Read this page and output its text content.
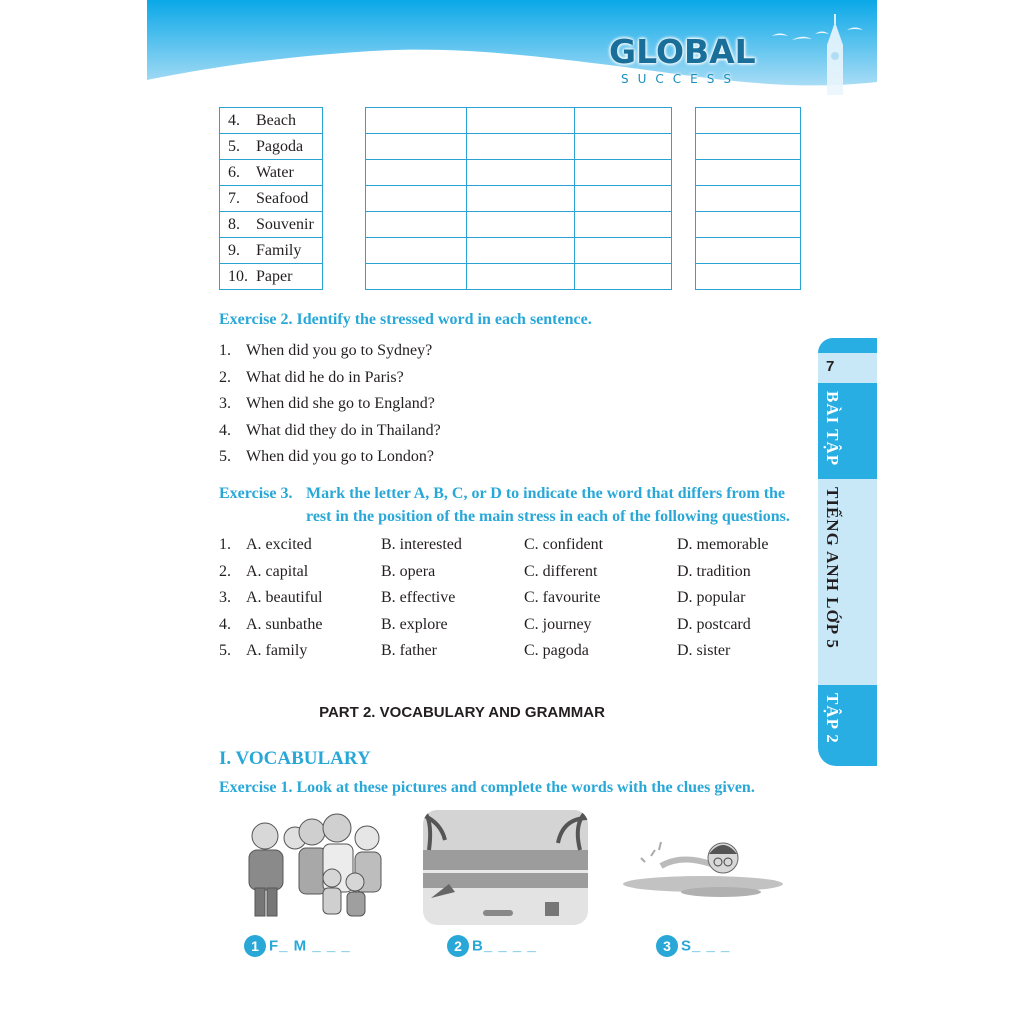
GLOBAL
SUCCESS
4. Beach
5. Pagoda
6. Water
7. Seafood
8. Souvenir
9. Family
10. Paper

Exercise 2. Identify the stressed word in each sentence.
1. When did you go to Sydney?
2. What did he do in Paris?
3. When did she go to England?
4. What did they do in Thailand?
5. When did you go to London?
Exercise 3. Mark the letter A, B, C, or D to indicate the word that differs from the rest in the position of the main stress in each of the following questions.
1. A. excited	B. interested	C. confident	D. memorable
2. A. capital	B. opera	C. different	D. tradition
3. A. beautiful	B. effective	C. favourite	D. popular
4. A. sunbathe	B. explore	C. journey	D. postcard
5. A. family	B. father	C. pagoda	D. sister
PART 2. VOCABULARY AND GRAMMAR
I. VOCABULARY
Exercise 1. Look at these pictures and complete the words with the clues given.
1 F_ M _ _ _	2 B_ _ _ _	3 S_ _ _
7
BÀI TẬP
TIẾNG ANH LỚP 5
TẬP 2
